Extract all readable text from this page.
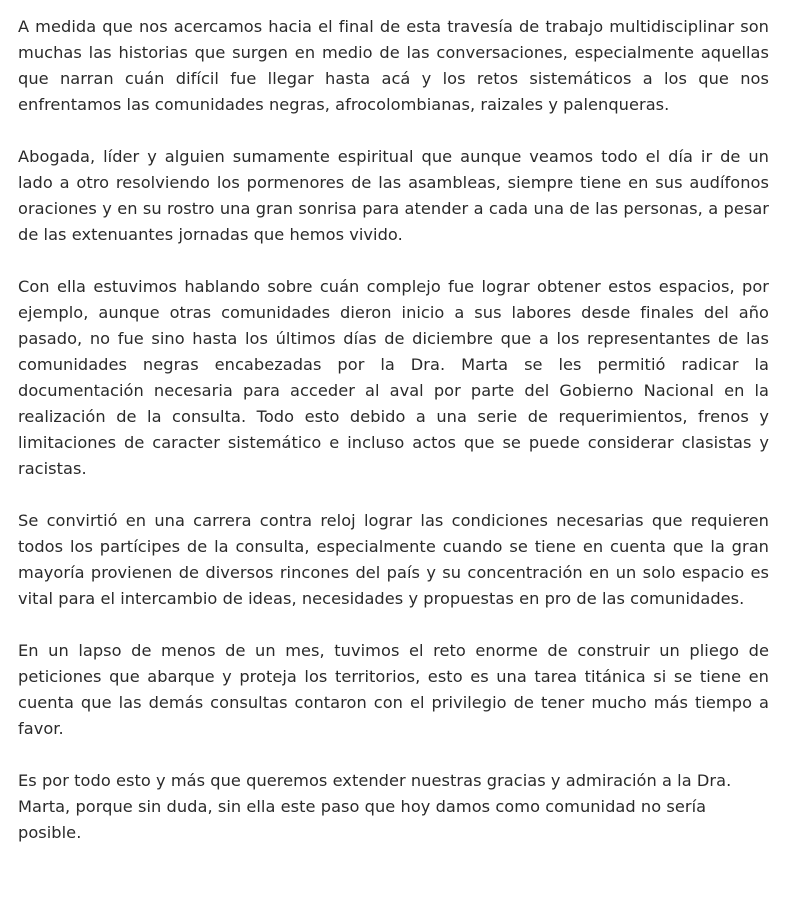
A medida que nos acercamos hacia el final de esta travesía de trabajo multidisciplinar son muchas las historias que surgen en medio de las conversaciones, especialmente aquellas que narran cuán difícil fue llegar hasta acá y los retos sistemáticos a los que nos enfrentamos las comunidades negras, afrocolombianas, raizales y palenqueras.

Abogada, líder y alguien sumamente espiritual que aunque veamos todo el día ir de un lado a otro resolviendo los pormenores de las asambleas, siempre tiene en sus audífonos oraciones y en su rostro una gran sonrisa para atender a cada una de las personas, a pesar de las extenuantes jornadas que hemos vivido.

Con ella estuvimos hablando sobre cuán complejo fue lograr obtener estos espacios, por ejemplo, aunque otras comunidades dieron inicio a sus labores desde finales del año pasado, no fue sino hasta los últimos días de diciembre que a los representantes de las comunidades negras encabezadas por la Dra. Marta se les permitió radicar la documentación necesaria para acceder al aval por parte del Gobierno Nacional en la realización de la consulta. Todo esto debido a una serie de requerimientos, frenos y limitaciones de caracter sistemático e incluso actos que se puede considerar clasistas y racistas.

Se convirtió en una carrera contra reloj lograr las condiciones necesarias que requieren todos los partícipes de la consulta, especialmente cuando se tiene en cuenta que la gran mayoría provienen de diversos rincones del país y su concentración en un solo espacio es vital para el intercambio de ideas, necesidades y propuestas en pro de las comunidades.

En un lapso de menos de un mes, tuvimos el reto enorme de construir un pliego de peticiones que abarque y proteja los territorios, esto es una tarea titánica si se tiene en cuenta que las demás consultas contaron con el privilegio de tener mucho más tiempo a favor.

Es por todo esto y más que queremos extender nuestras gracias y admiración a la Dra. Marta, porque sin duda, sin ella este paso que hoy damos como comunidad no sería posible.
